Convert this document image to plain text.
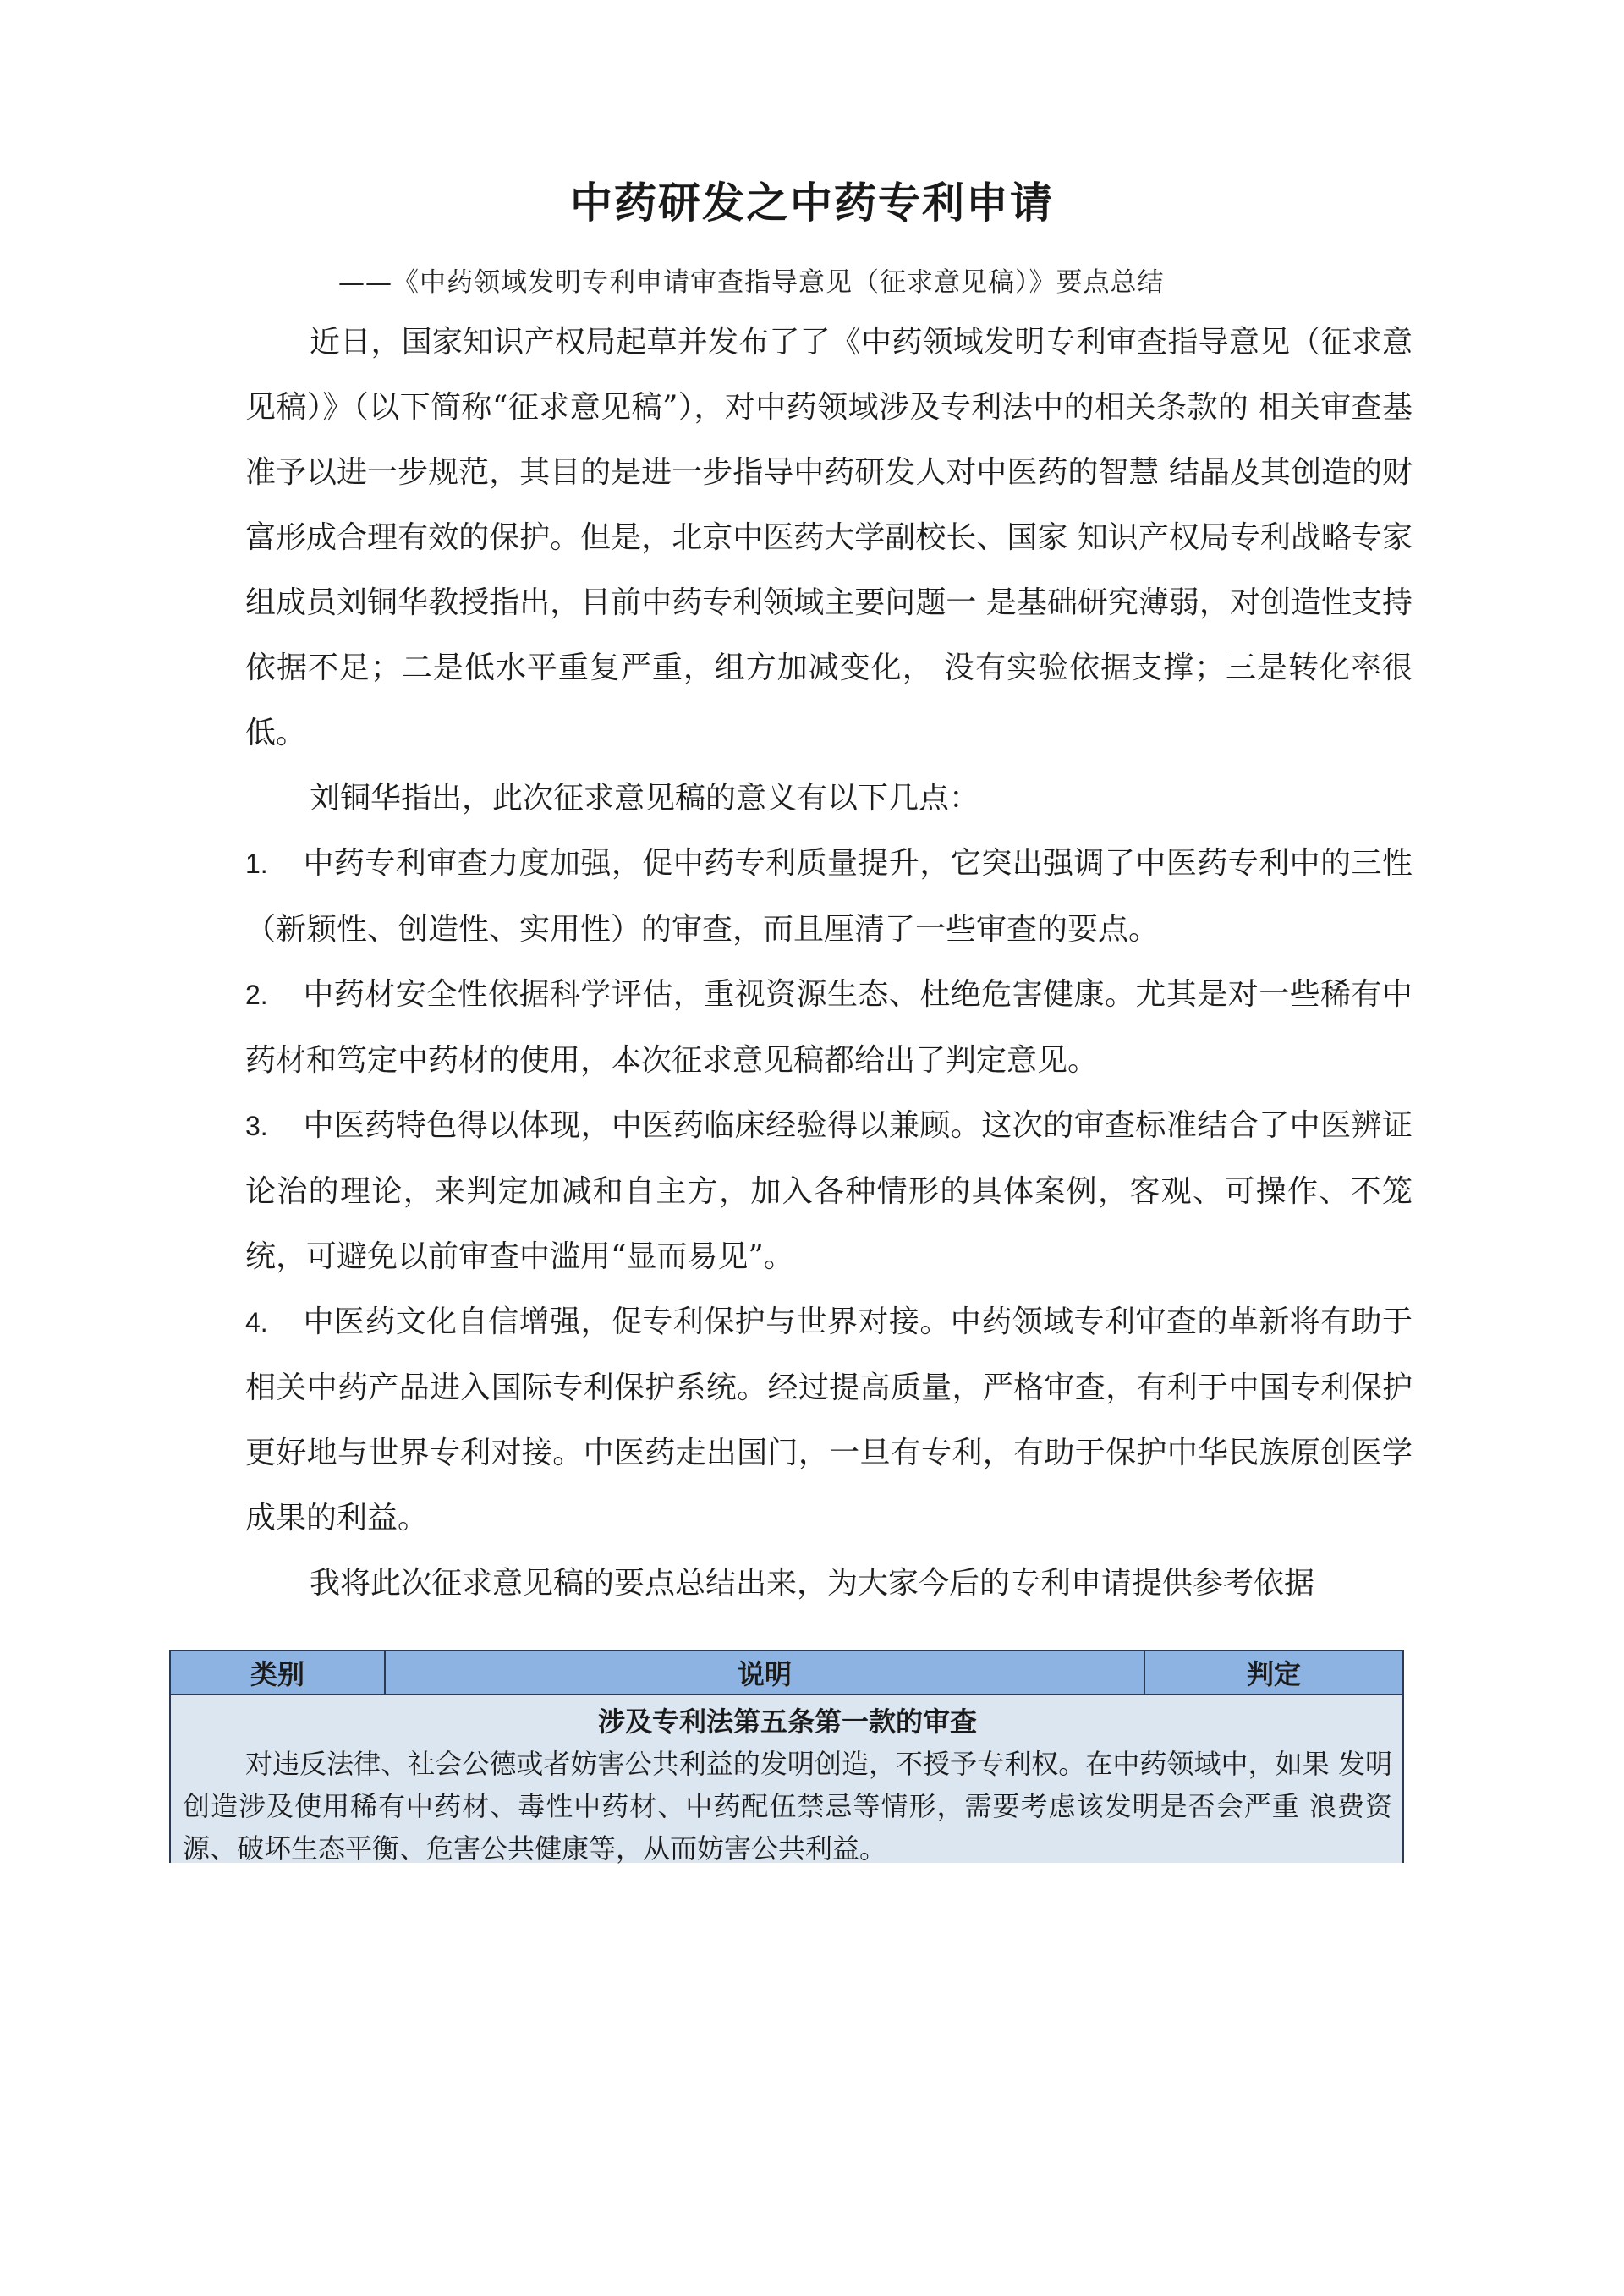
中药研发之中药专利申请
——《中药领域发明专利申请审查指导意见（征求意见稿）》要点总结

近日，国家知识产权局起草并发布了了《中药领域发明专利审查指导意见（征求意见稿）》（以下简称“征求意见稿”），对中药领域涉及专利法中的相关条款的 相关审查基准予以进一步规范，其目的是进一步指导中药研发人对中医药的智慧 结晶及其创造的财富形成合理有效的保护。但是，北京中医药大学副校长、国家 知识产权局专利战略专家组成员刘铜华教授指出，目前中药专利领域主要问题一 是基础研究薄弱，对创造性支持依据不足；二是低水平重复严重，组方加减变化， 没有实验依据支撑；三是转化率很低。

刘铜华指出，此次征求意见稿的意义有以下几点：

1. 中药专利审查力度加强，促中药专利质量提升，它突出强调了中医药专利中的三性（新颖性、创造性、实用性）的审查，而且厘清了一些审查的要点。

2. 中药材安全性依据科学评估，重视资源生态、杜绝危害健康。尤其是对一些稀有中药材和笃定中药材的使用，本次征求意见稿都给出了判定意见。

3. 中医药特色得以体现，中医药临床经验得以兼顾。这次的审查标准结合了中医辨证论治的理论，来判定加减和自主方，加入各种情形的具体案例，客观、可操作、不笼统，可避免以前审查中滥用“显而易见”。

4. 中医药文化自信增强，促专利保护与世界对接。中药领域专利审查的革新将有助于相关中药产品进入国际专利保护系统。经过提高质量，严格审查，有利于中国专利保护更好地与世界专利对接。中医药走出国门，一旦有专利，有助于保护中华民族原创医学成果的利益。

我将此次征求意见稿的要点总结出来，为大家今后的专利申请提供参考依据

类别	说明	判定
涉及专利法第五条第一款的审查

对违反法律、社会公德或者妨害公共利益的发明创造，不授予专利权。在中药领域中，如果 发明创造涉及使用稀有中药材、毒性中药材、中药配伍禁忌等情形，需要考虑该发明是否会严重 浪费资源、破坏生态平衡、危害公共健康等，从而妨害公共利益。
